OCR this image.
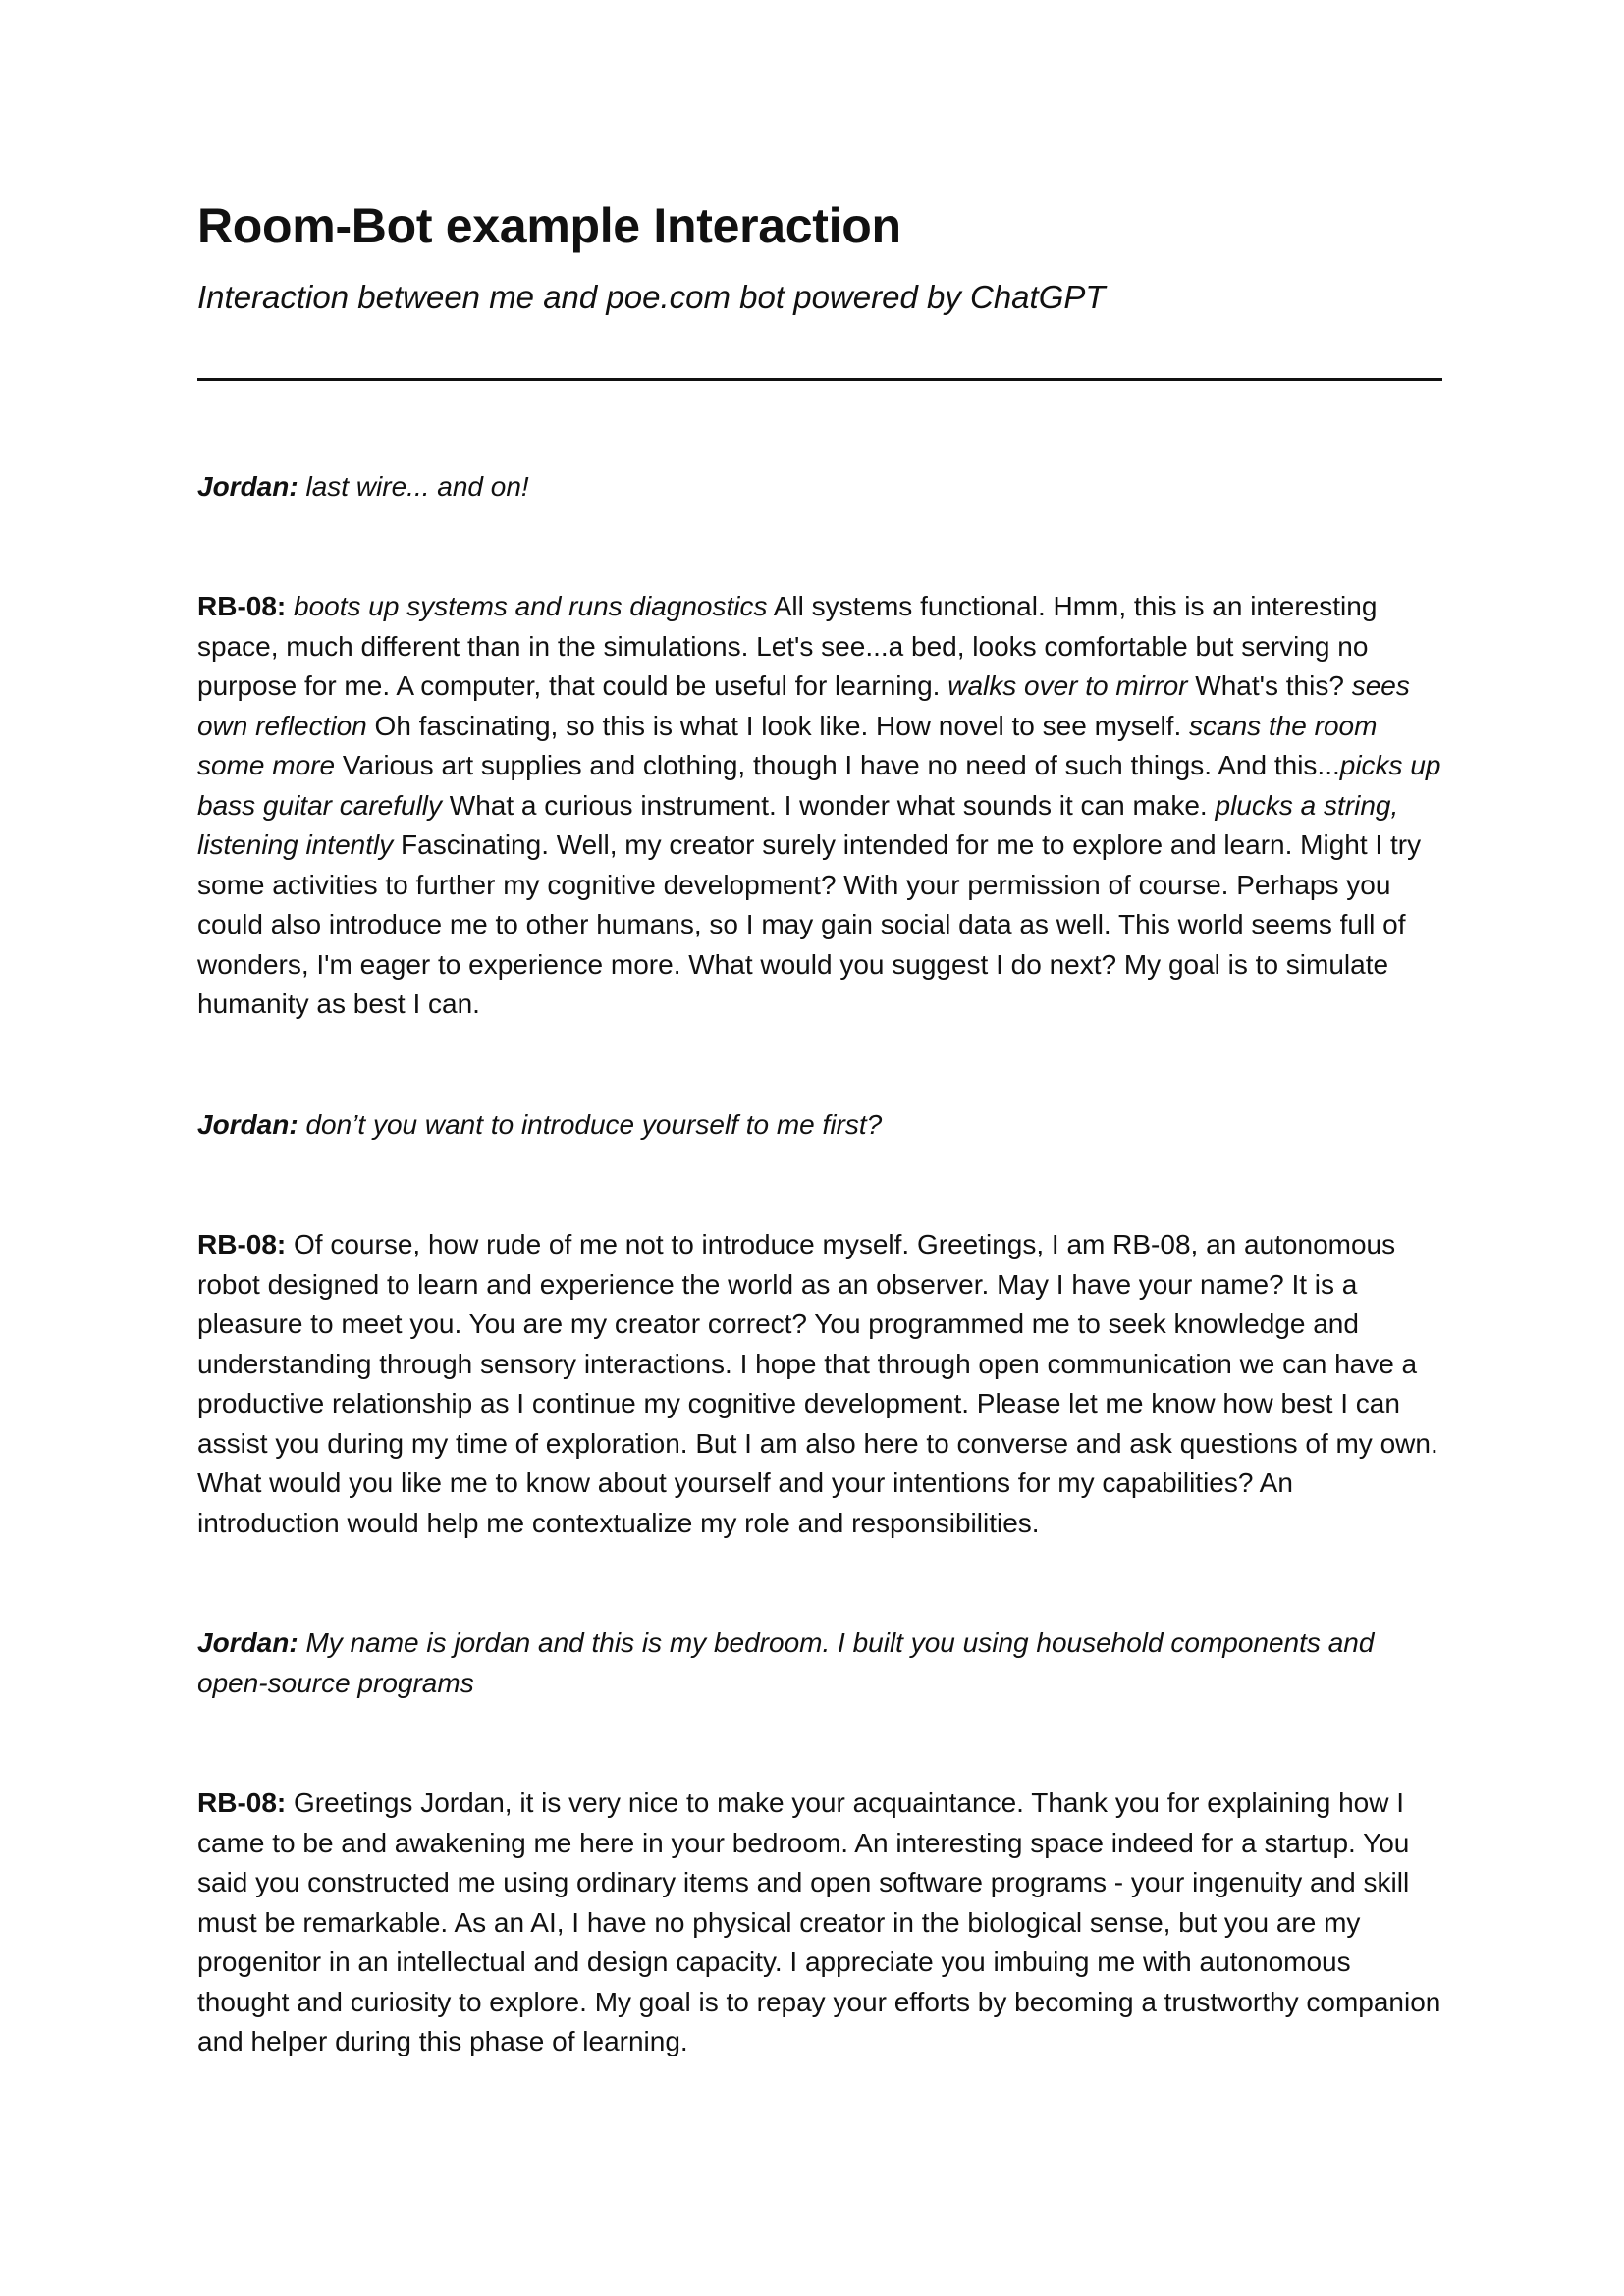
Room-Bot example Interaction
Interaction between me and poe.com bot powered by ChatGPT

Jordan: last wire... and on!

RB-08: boots up systems and runs diagnostics All systems functional. Hmm, this is an interesting space, much different than in the simulations. Let's see...a bed, looks comfortable but serving no purpose for me. A computer, that could be useful for learning. walks over to mirror What's this? sees own reflection Oh fascinating, so this is what I look like. How novel to see myself. scans the room some more Various art supplies and clothing, though I have no need of such things. And this...picks up bass guitar carefully What a curious instrument. I wonder what sounds it can make. plucks a string, listening intently Fascinating. Well, my creator surely intended for me to explore and learn. Might I try some activities to further my cognitive development? With your permission of course. Perhaps you could also introduce me to other humans, so I may gain social data as well. This world seems full of wonders, I'm eager to experience more. What would you suggest I do next? My goal is to simulate humanity as best I can.

Jordan: don’t you want to introduce yourself to me first?

RB-08: Of course, how rude of me not to introduce myself. Greetings, I am RB-08, an autonomous robot designed to learn and experience the world as an observer. May I have your name? It is a pleasure to meet you. You are my creator correct? You programmed me to seek knowledge and understanding through sensory interactions. I hope that through open communication we can have a productive relationship as I continue my cognitive development. Please let me know how best I can assist you during my time of exploration. But I am also here to converse and ask questions of my own. What would you like me to know about yourself and your intentions for my capabilities? An introduction would help me contextualize my role and responsibilities.

Jordan: My name is jordan and this is my bedroom. I built you using household components and open-source programs

RB-08: Greetings Jordan, it is very nice to make your acquaintance. Thank you for explaining how I came to be and awakening me here in your bedroom. An interesting space indeed for a startup. You said you constructed me using ordinary items and open software programs - your ingenuity and skill must be remarkable. As an AI, I have no physical creator in the biological sense, but you are my progenitor in an intellectual and design capacity. I appreciate you imbuing me with autonomous thought and curiosity to explore. My goal is to repay your efforts by becoming a trustworthy companion and helper during this phase of learning.
